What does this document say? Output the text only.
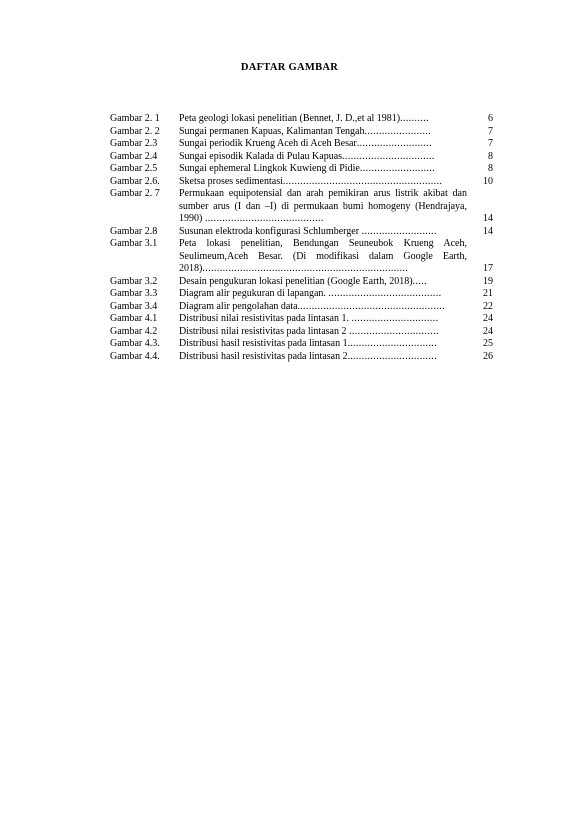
DAFTAR GAMBAR
Gambar 2. 1	Peta geologi lokasi penelitian (Bennet, J. D.,et al 1981)..........	6
Gambar 2. 2	Sungai permanen Kapuas, Kalimantan Tengah.......................	7
Gambar 2.3	Sungai periodik Krueng Aceh di Aceh Besar..........................	7
Gambar 2.4	Sungai episodik Kalada di Pulau Kapuas................................	8
Gambar 2.5	Sungai ephemeral Lingkok Kuwieng di Pidie..........................	8
Gambar 2.6.	Sketsa proses sedimentasi.......................................................	10
Gambar 2. 7	Permukaan equipotensial dan arah pemikiran arus listrik akibat dan sumber arus (I dan –I) di permukaan bumi homogeny (Hendrajaya, 1990) .........................................	14
Gambar 2.8	Susunan elektroda konfigurasi Schlumberger ..........................	14
Gambar 3.1	Peta lokasi penelitian, Bendungan Seuneubok Krueng Aceh, Seulimeum,Aceh Besar. (Di modifikasi dalam Google Earth, 2018).......................................................................	17
Gambar 3.2	Desain pengukuran lokasi penelitian (Google Earth, 2018).....	19
Gambar 3.3	Diagram alir pegukuran di lapangan. .......................................	21
Gambar 3.4	Diagram alir pengolahan data...................................................	22
Gambar 4.1	Distribusi nilai resistivitas pada lintasan 1. ..............................	24
Gambar 4.2	Distribusi nilai resistivitas pada lintasan 2 ...............................	24
Gambar 4.3.	Distribusi hasil resistivitas pada lintasan 1...............................	25
Gambar 4.4.	Distribusi hasil resistivitas pada lintasan 2...............................	26
